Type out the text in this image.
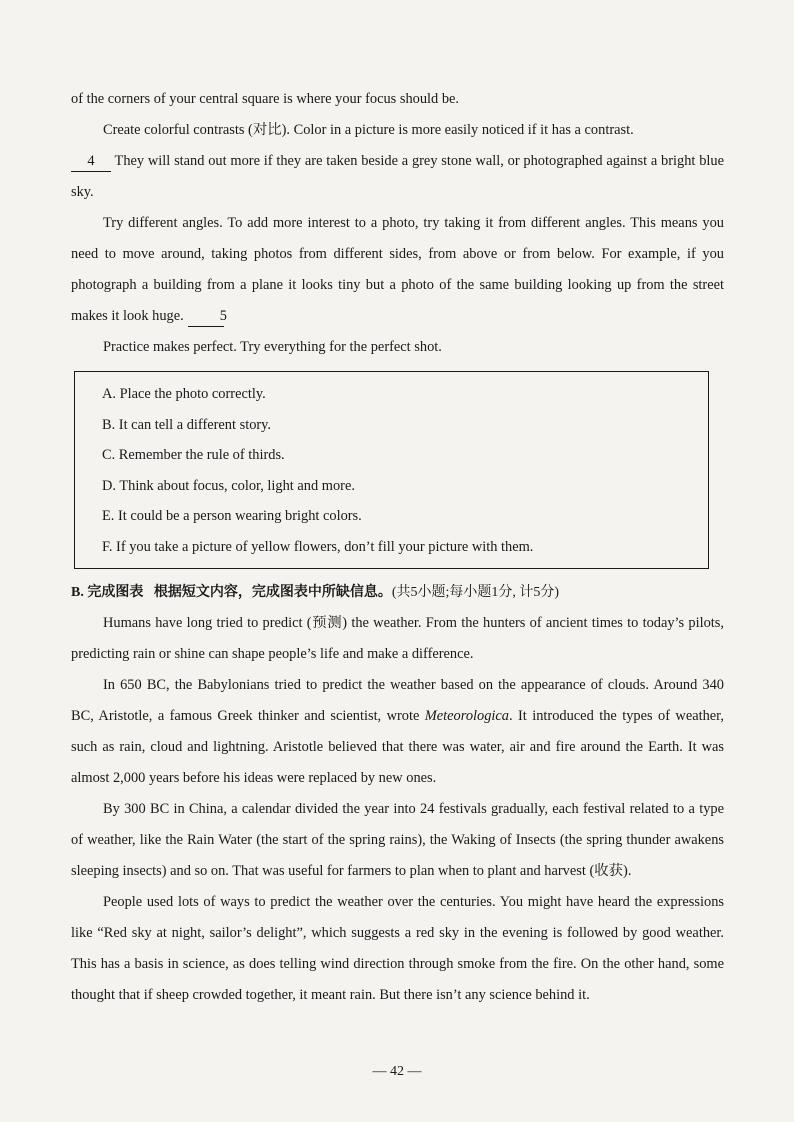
of the corners of your central square is where your focus should be.

Create colorful contrasts (对比). Color in a picture is more easily noticed if it has a contrast.

4 They will stand out more if they are taken beside a grey stone wall, or photographed against a bright blue sky.

Try different angles. To add more interest to a photo, try taking it from different angles. This means you need to move around, taking photos from different sides, from above or from below. For example, if you photograph a building from a plane it looks tiny but a photo of the same building looking up from the street makes it look huge.	5

Practice makes perfect. Try everything for the perfect shot.

A. Place the photo correctly.
B. It can tell a different story.
C. Remember the rule of thirds.
D. Think about focus, color, light and more.
E. It could be a person wearing bright colors.
F. If you take a picture of yellow flowers, don’t fill your picture with them.

B. 完成图表 根据短文内容，完成图表中所缺信息。(共5小题;每小题1分, 计5分)

Humans have long tried to predict (预测) the weather. From the hunters of ancient times to today’s pilots, predicting rain or shine can shape people’s life and make a difference.

In 650 BC, the Babylonians tried to predict the weather based on the appearance of clouds. Around 340 BC, Aristotle, a famous Greek thinker and scientist, wrote Meteorologica. It introduced the types of weather, such as rain, cloud and lightning. Aristotle believed that there was water, air and fire around the Earth. It was almost 2,000 years before his ideas were replaced by new ones.

By 300 BC in China, a calendar divided the year into 24 festivals gradually, each festival related to a type of weather, like the Rain Water (the start of the spring rains), the Waking of Insects (the spring thunder awakens sleeping insects) and so on. That was useful for farmers to plan when to plant and harvest (收获).

People used lots of ways to predict the weather over the centuries. You might have heard the expressions like “Red sky at night, sailor’s delight”, which suggests a red sky in the evening is followed by good weather. This has a basis in science, as does telling wind direction through smoke from the fire. On the other hand, some thought that if sheep crowded together, it meant rain. But there isn’t any science behind it.

— 42 —
